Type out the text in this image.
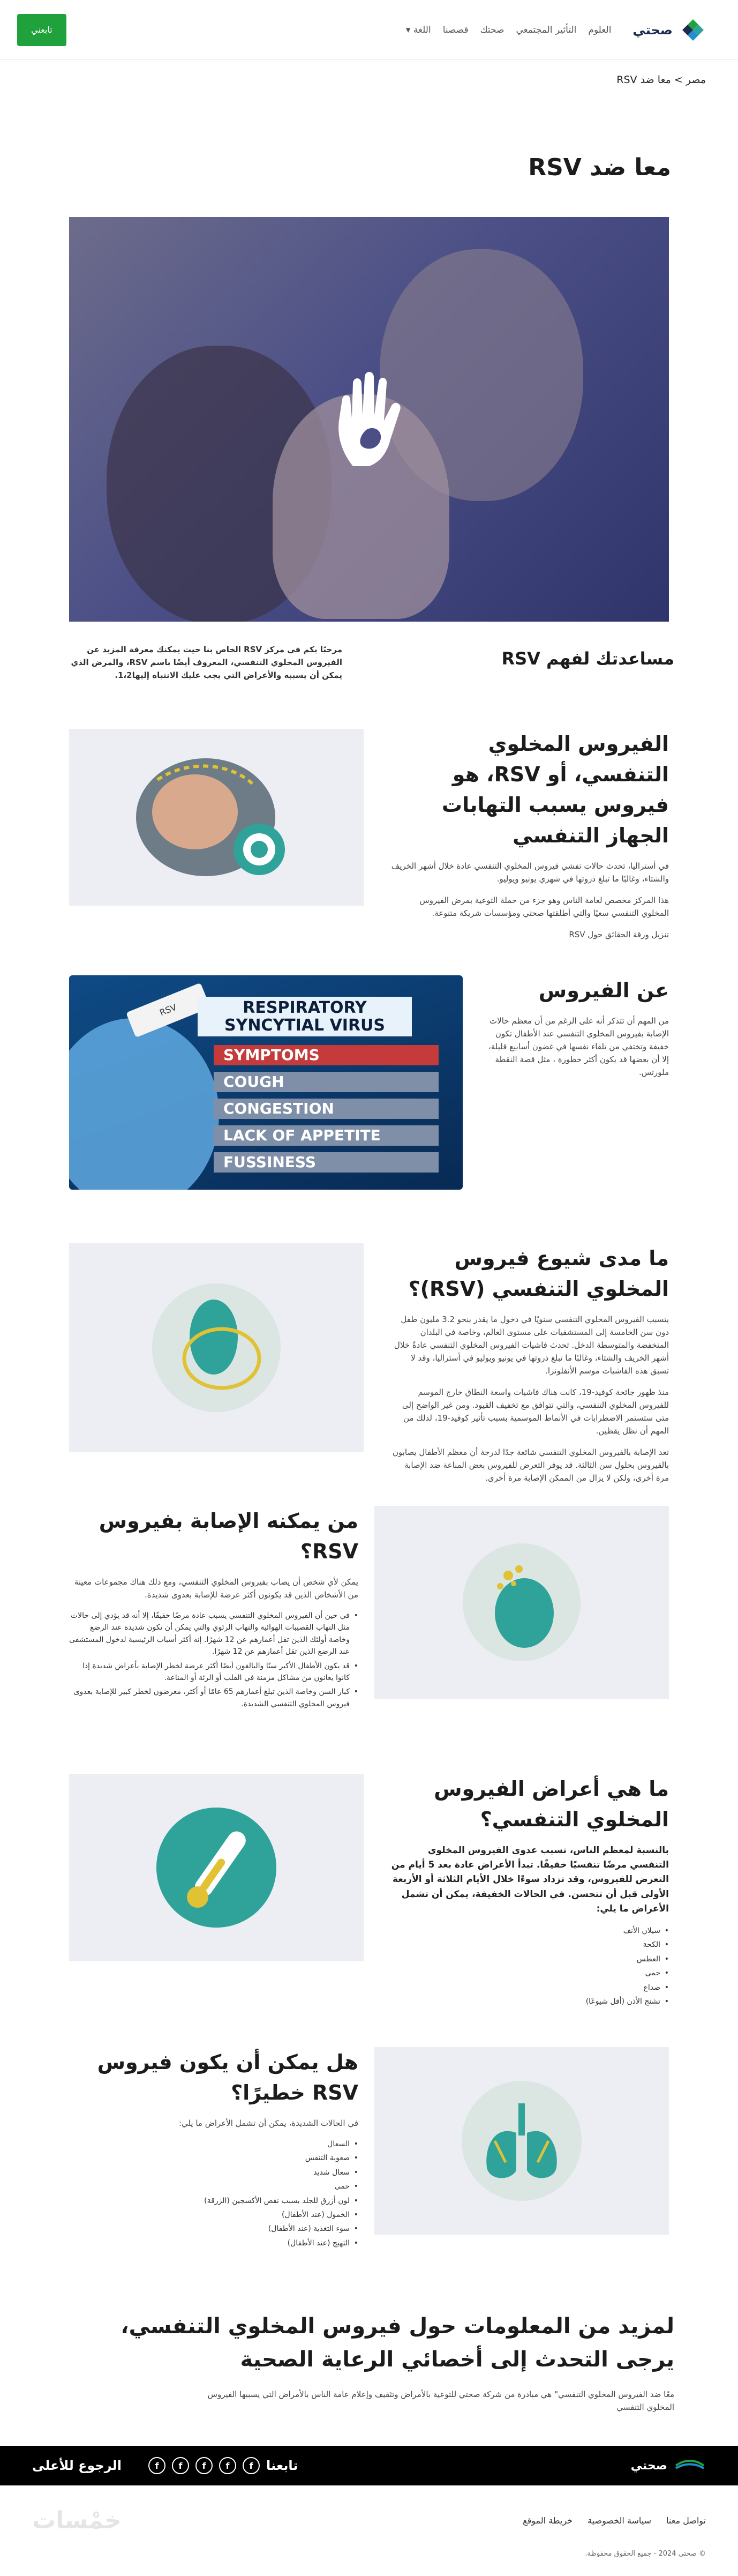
صحتي
العلوم
التأثير المجتمعي
صحتك
قصصنا
اللغة ▾
تابعني
مصر > معا ضد RSV
معا ضد RSV
مساعدتك لفهم RSV

مرحبًا بكم في مركز RSV الخاص بنا حيث يمكنك معرفة المزيد عن الفيروس المخلوي التنفسي، المعروف أيضًا باسم RSV، والمرض الذي يمكن أن يسببه والأعراض التي يجب عليك الانتباه إليها1،2.

الفيروس المخلوي التنفسي، أو RSV، هو فيروس يسبب التهابات الجهاز التنفسي

في أستراليا، تحدث حالات تفشي فيروس المخلوي التنفسي عادة خلال أشهر الخريف والشتاء، وغالبًا ما تبلغ ذروتها في شهري يونيو ويوليو.

هذا المركز مخصص لعامة الناس وهو جزء من حملة التوعية بمرض الفيروس المخلوي التنفسي سعيًا والتي أطلقتها صحتي ومؤسسات شريكة متنوعة.

تنزيل ورقة الحقائق حول RSV

عن الفيروس

من المهم أن تتذكر أنه على الرغم من أن معظم حالات الإصابة بفيروس المخلوي التنفسي عند الأطفال تكون خفيفة وتختفي من تلقاء نفسها في غضون أسابيع قليلة، إلا أن بعضها قد يكون أكثر خطورة ، مثل قصة النقطة ملورتس.

RSV	RESPIRATORY SYNCYTIAL VIRUS
SYMPTOMS
COUGH
CONGESTION
LACK OF APPETITE
FUSSINESS
ما مدى شيوع فيروس المخلوي التنفسي (RSV)؟

يتسبب الفيروس المخلوي التنفسي سنويًا في دخول ما يقدر بنحو 3.2 مليون طفل دون سن الخامسة إلى المستشفيات على مستوى العالم، وخاصة في البلدان المنخفضة والمتوسطة الدخل. تحدث فاشيات الفيروس المخلوي التنفسي عادةً خلال أشهر الخريف والشتاء، وغالبًا ما تبلغ ذروتها في يونيو ويوليو في أستراليا، وقد لا تسبق هذه الفاشيات موسم الأنفلونزا.

منذ ظهور جائحة كوفيد-19، كانت هناك فاشيات واسعة النطاق خارج الموسم للفيروس المخلوي التنفسي، والتي تتوافق مع تخفيف القيود. ومن غير الواضح إلى متى ستستمر الاضطرابات في الأنماط الموسمية بسبب تأثير كوفيد-19، لذلك من المهم أن نظل يقظين.

تعد الإصابة بالفيروس المخلوي التنفسي شائعة جدًا لدرجة أن معظم الأطفال يصابون بالفيروس بحلول سن الثالثة. قد يوفر التعرض للفيروس بعض المناعة ضد الإصابة مرة أخرى، ولكن لا يزال من الممكن الإصابة مرة أخرى.

من يمكنه الإصابة بفيروس RSV؟

يمكن لأي شخص أن يصاب بفيروس المخلوي التنفسي، ومع ذلك هناك مجموعات معينة من الأشخاص الذين قد يكونون أكثر عرضة للإصابة بعدوى شديدة.

• في حين أن الفيروس المخلوي التنفسي يسبب عادة مرضًا خفيفًا، إلا أنه قد يؤدي إلى حالات مثل التهاب القصيبات الهوائية والتهاب الرئوي والتي يمكن أن تكون شديدة عند الرضع وخاصة أولئك الذين تقل أعمارهم عن 12 شهرًا. إنه أكثر أسباب الرئيسية لدخول المستشفى عند الرضع الذين تقل أعمارهم عن 12 شهرًا.
• قد يكون الأطفال الأكبر سنًا والبالغون أيضًا أكثر عرضة لخطر الإصابة بأعراض شديدة إذا كانوا يعانون من مشاكل مزمنة في القلب أو الرئة أو المناعة.
• كبار السن وخاصة الذين تبلغ أعمارهم 65 عامًا أو أكثر، معرضون لخطر كبير للإصابة بعدوى فيروس المخلوي التنفسي الشديدة.
ما هي أعراض الفيروس المخلوي التنفسي؟

بالنسبة لمعظم الناس، تسبب عدوى الفيروس المخلوي التنفسي مرضًا تنفسيًا خفيفًا. تبدأ الأعراض عادة بعد 5 أيام من التعرض للفيروس، وقد تزداد سوءًا خلال الأيام الثلاثة أو الأربعة الأولى قبل أن تتحسن. في الحالات الخفيفة، يمكن أن تشمل الأعراض ما يلي:

• سيلان الأنف
• الكحة
• العطس
• حمى
• صداع
• تشنج الأذن (أقل شيوعًا)
هل يمكن أن يكون فيروس RSV خطيرًا؟

في الحالات الشديدة، يمكن أن تشمل الأعراض ما يلي:

• السعال
• صعوبة التنفس
• سعال شديد
• حمى
• لون أزرق للجلد بسبب نقص الأكسجين (الزرقة)
• الخمول (عند الأطفال)
• سوء التغذية (عند الأطفال)
• التهيج (عند الأطفال)
لمزيد من المعلومات حول فيروس المخلوي التنفسي، يرجى التحدث إلى أخصائي الرعاية الصحية

معًا ضد الفيروس المخلوي التنفسي" هي مبادرة من شركة صحتي للتوعية بالأمراض وتثقيف وإعلام عامة الناس بالأمراض التي يسببها الفيروس المخلوي التنفسي

صحتي
تابعنا
f
f
f
f
f
الرجوع للأعلى
تواصل معنا
سياسة الخصوصية
خريطة الموقع
خمْسات
© صحتي 2024 - جميع الحقوق محفوظة.
